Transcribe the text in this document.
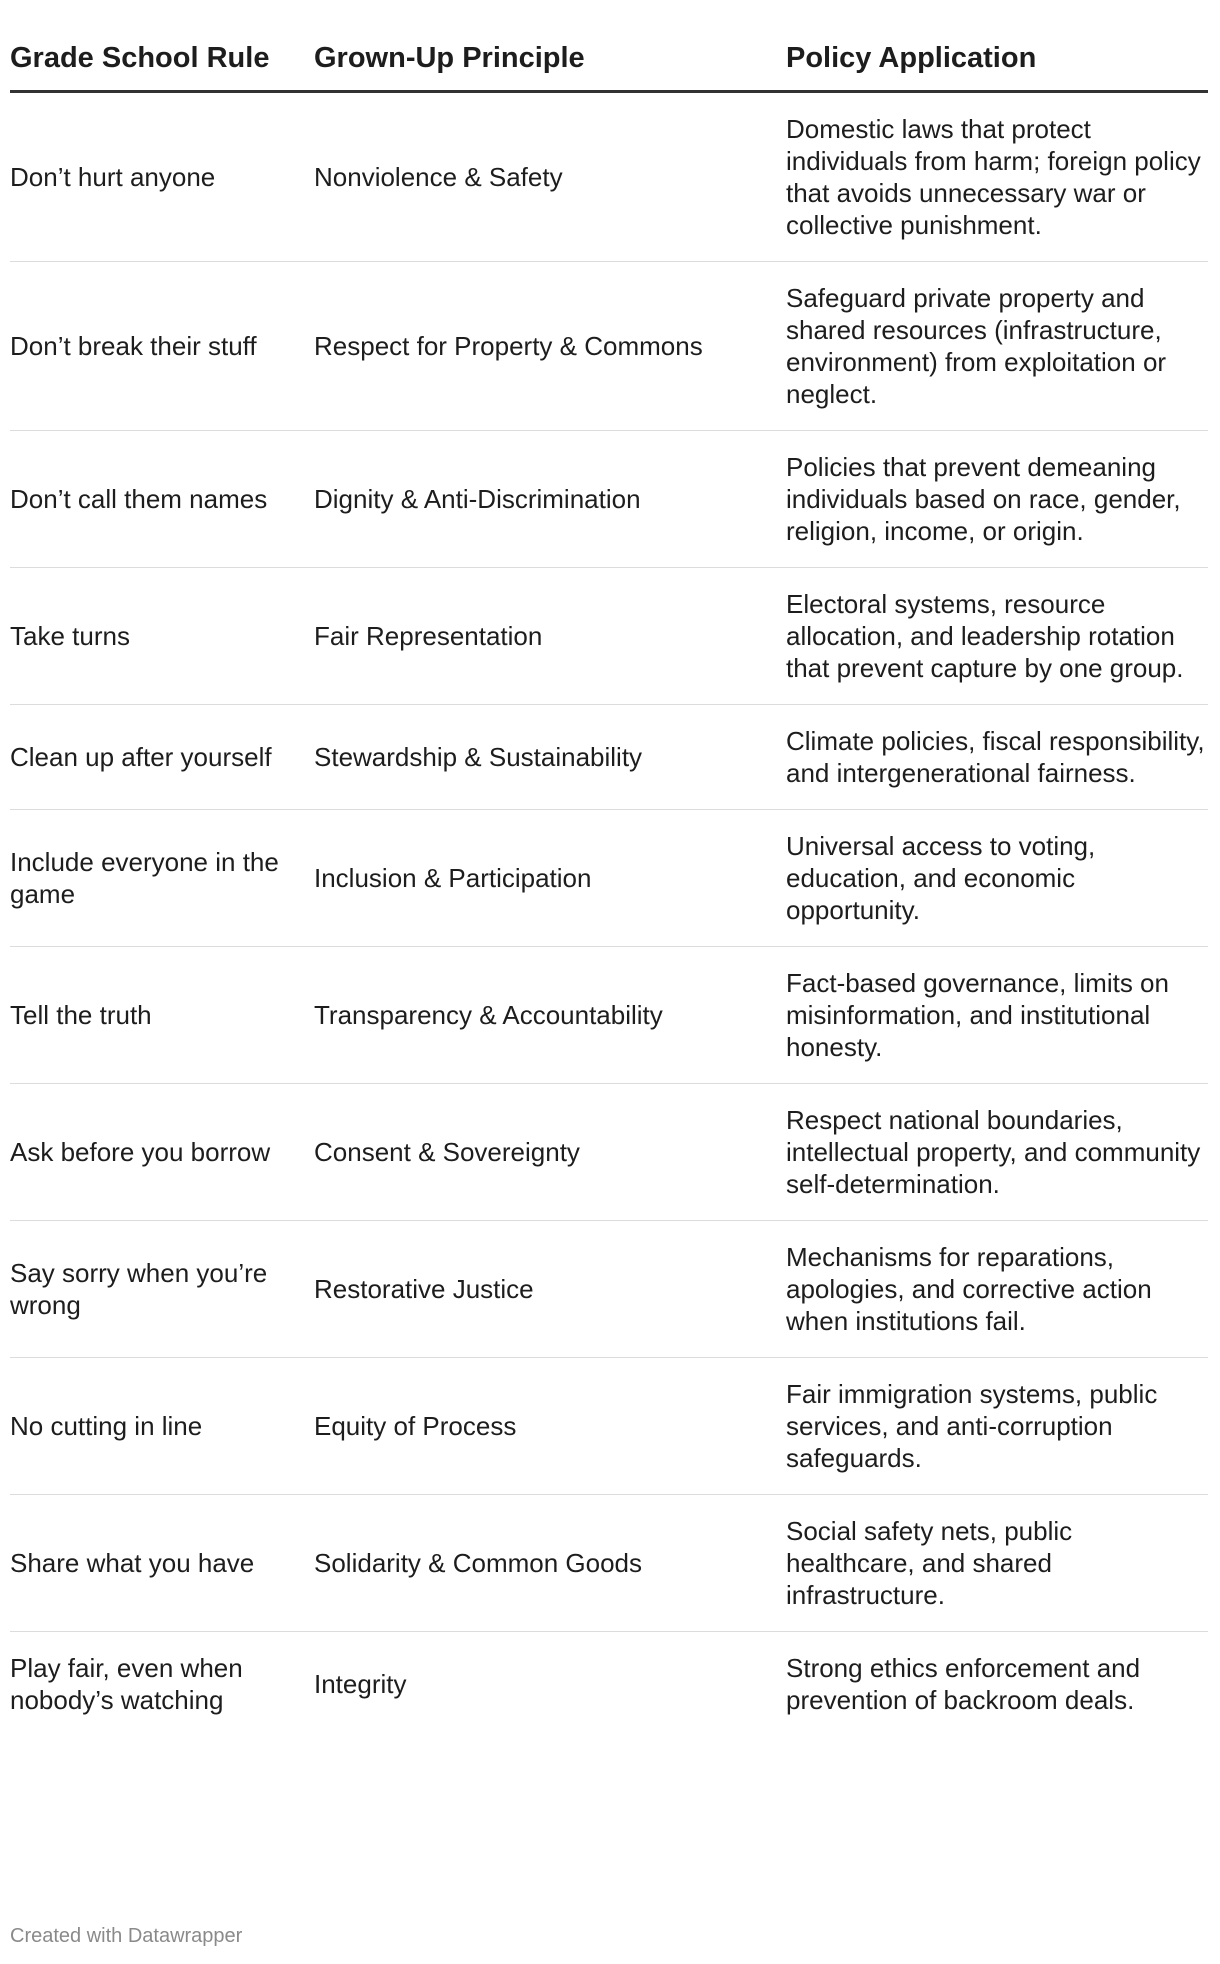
Grade School Rule	Grown-Up Principle	Policy Application
Don’t hurt anyone	Nonviolence & Safety	Domestic laws that protect individuals from harm; foreign policy that avoids unnecessary war or collective punishment.
Don’t break their stuff	Respect for Property & Commons	Safeguard private property and shared resources (infrastructure, environment) from exploitation or neglect.
Don’t call them names	Dignity & Anti-Discrimination	Policies that prevent demeaning individuals based on race, gender, religion, income, or origin.
Take turns	Fair Representation	Electoral systems, resource allocation, and leadership rotation that prevent capture by one group.
Clean up after yourself	Stewardship & Sustainability	Climate policies, fiscal responsibility, and intergenerational fairness.
Include everyone in the game	Inclusion & Participation	Universal access to voting, education, and economic opportunity.
Tell the truth	Transparency & Accountability	Fact-based governance, limits on misinformation, and institutional honesty.
Ask before you borrow	Consent & Sovereignty	Respect national boundaries, intellectual property, and community self-determination.
Say sorry when you’re wrong	Restorative Justice	Mechanisms for reparations, apologies, and corrective action when institutions fail.
No cutting in line	Equity of Process	Fair immigration systems, public services, and anti-corruption safeguards.
Share what you have	Solidarity & Common Goods	Social safety nets, public healthcare, and shared infrastructure.
Play fair, even when nobody’s watching	Integrity	Strong ethics enforcement and prevention of backroom deals.
Created with Datawrapper
